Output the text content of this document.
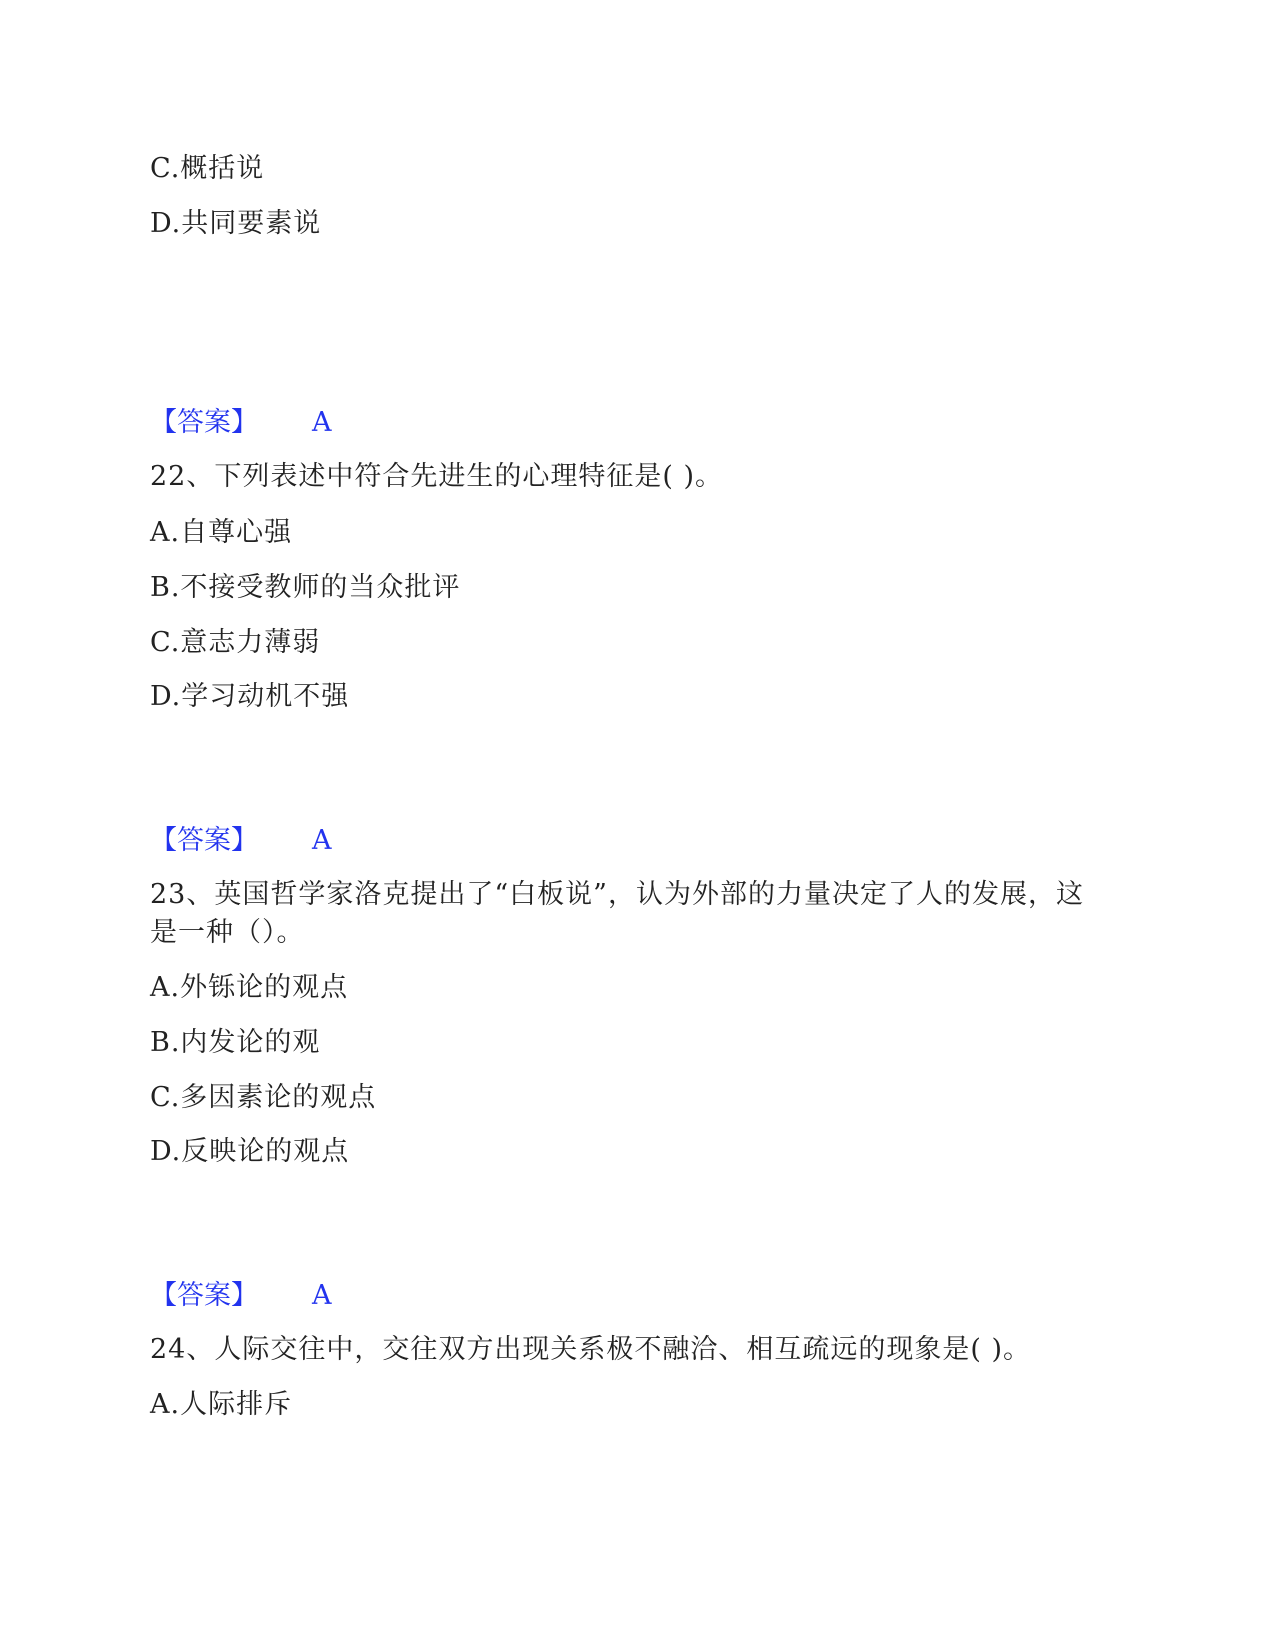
C.概括说
D.共同要素说
【答案】 A
22、下列表述中符合先进生的心理特征是( )。
A.自尊心强
B.不接受教师的当众批评
C.意志力薄弱
D.学习动机不强
【答案】 A
23、英国哲学家洛克提出了“白板说”，认为外部的力量决定了人的发展，这
是一种（）。
A.外铄论的观点
B.内发论的观
C.多因素论的观点
D.反映论的观点
【答案】 A
24、人际交往中，交往双方出现关系极不融洽、相互疏远的现象是( )。
A.人际排斥
